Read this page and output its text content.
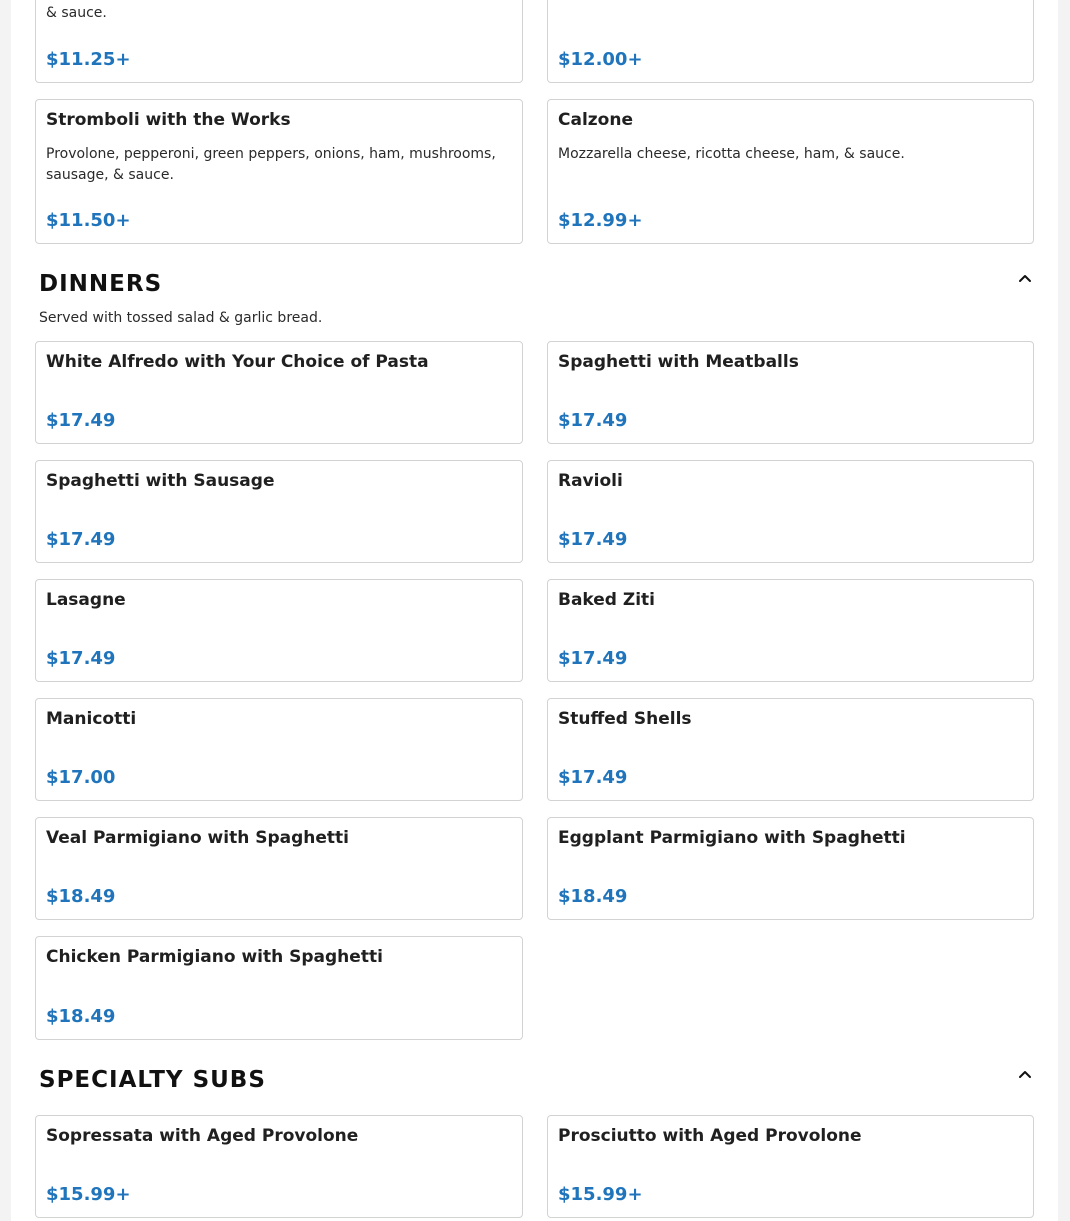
& sauce.
$11.25+	$12.00+
Stromboli with the Works
Provolone, pepperoni, green peppers, onions, ham, mushrooms, sausage, & sauce.
$11.50+
Calzone
Mozzarella cheese, ricotta cheese, ham, & sauce.
$12.99+
DINNERS
Served with tossed salad & garlic bread.
White Alfredo with Your Choice of Pasta
$17.49
Spaghetti with Meatballs
$17.49
Spaghetti with Sausage
$17.49
Ravioli
$17.49
Lasagne
$17.49
Baked Ziti
$17.49
Manicotti
$17.00
Stuffed Shells
$17.49
Veal Parmigiano with Spaghetti
$18.49
Eggplant Parmigiano with Spaghetti
$18.49
Chicken Parmigiano with Spaghetti
$18.49
SPECIALTY SUBS
Sopressata with Aged Provolone
$15.99+
Prosciutto with Aged Provolone
$15.99+
